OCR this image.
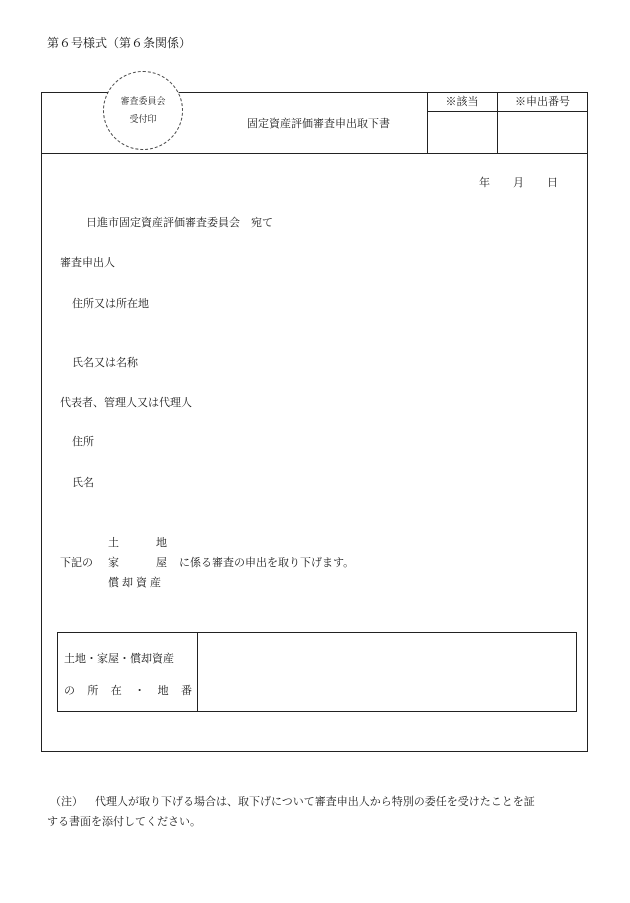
第６号様式（第６条関係）
審査委員会
受付印	固定資産評価審査申出取下書
※該当	※申出番号
年 月 日
日進市固定資産評価審査委員会　宛て
審査申出人
住所又は所在地
氏名又は名称
代表者、管理人又は代理人
住所
氏名
土	地
下記の 家	屋 に係る審査の申出を取り下げます。
償却資産
土地・家屋・償却資産
の 所 在 ・ 地 番
（注） 代理人が取り下げる場合は、取下げについて審査申出人から特別の委任を受けたことを証
する書面を添付してください。
